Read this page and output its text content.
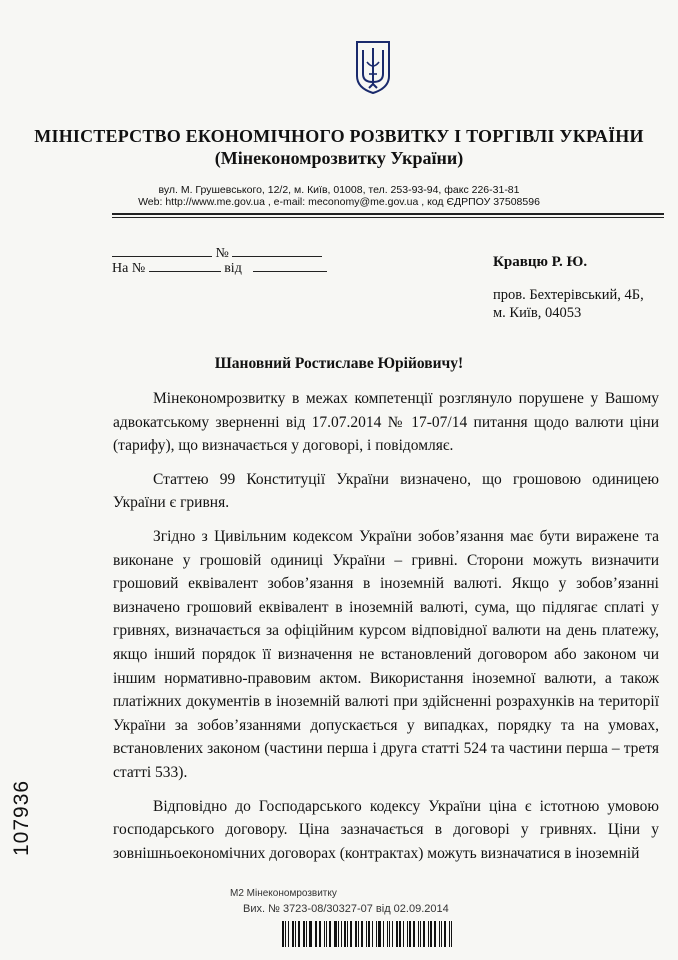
МІНІСТЕРСТВО ЕКОНОМІЧНОГО РОЗВИТКУ І ТОРГІВЛІ УКРАЇНИ
(Мінекономрозвитку України)
вул. М. Грушевського, 12/2, м. Київ, 01008, тел. 253-93-94, факс 226-31-81
Web: http://www.me.gov.ua , e-mail: meconomy@me.gov.ua , код ЄДРПОУ 37508596
№
На №	від	Кравцю Р. Ю.
пров. Бехтерівський, 4Б,
м. Київ, 04053
Шановний Ростиславе Юрійовичу!

Мінекономрозвитку в межах компетенції розглянуло порушене у Вашому адвокатському зверненні від 17.07.2014 № 17-07/14 питання щодо валюти ціни (тарифу), що визначається у договорі, і повідомляє.

Статтею 99 Конституції України визначено, що грошовою одиницею України є гривня.

Згідно з Цивільним кодексом України зобов’язання має бути виражене та виконане у грошовій одиниці України – гривні. Сторони можуть визначити грошовий еквівалент зобов’язання в іноземній валюті. Якщо у зобов’язанні визначено грошовий еквівалент в іноземній валюті, сума, що підлягає сплаті у гривнях, визначається за офіційним курсом відповідної валюти на день платежу, якщо інший порядок її визначення не встановлений договором або законом чи іншим нормативно-правовим актом. Використання іноземної валюти, а також платіжних документів в іноземній валюті при здійсненні розрахунків на території України за зобов’язаннями допускається у випадках, порядку та на умовах, встановлених законом (частини перша і друга статті 524 та частини перша – третя статті 533).

Відповідно до Господарського кодексу України ціна є істотною умовою господарського договору. Ціна зазначається в договорі у гривнях. Ціни у зовнішньоекономічних договорах (контрактах) можуть визначатися в іноземній

107936
М2 Мінекономрозвитку
Вих. № 3723-08/30327-07 від 02.09.2014
